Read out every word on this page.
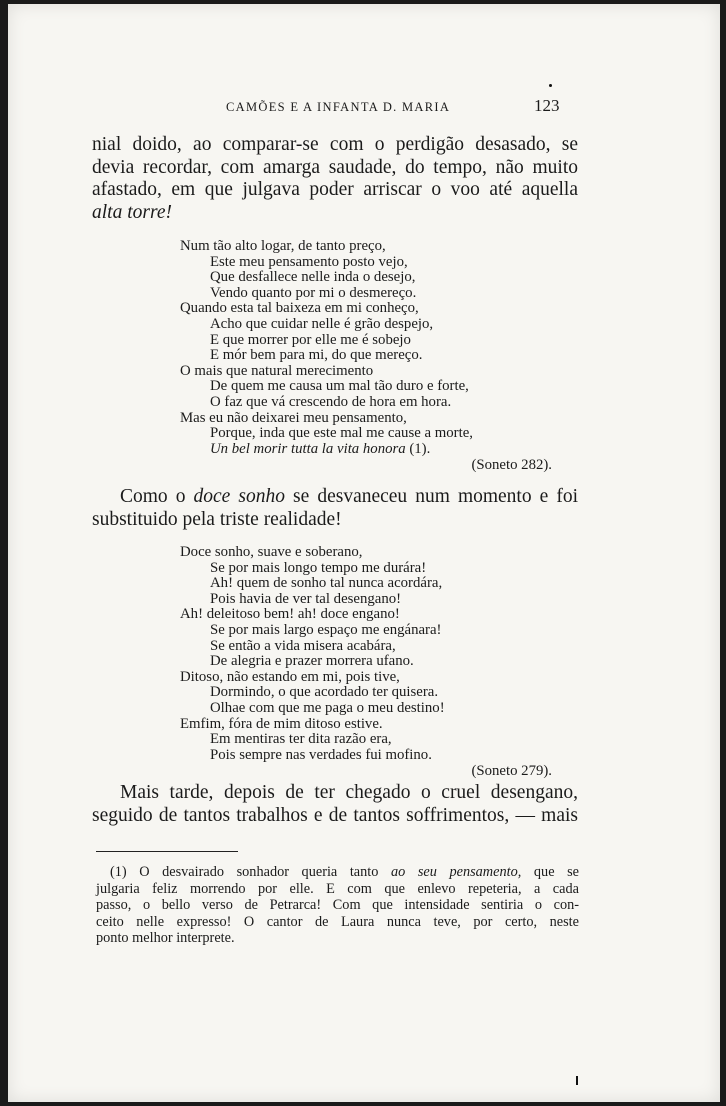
CAMÕES E A INFANTA D. MARIA	123
nial doido, ao comparar-se com o perdigão desasado, se
devia recordar, com amarga saudade, do tempo, não muito
afastado, em que julgava poder arriscar o voo até aquella
alta torre!
Num tão alto logar, de tanto preço,
Este meu pensamento posto vejo,
Que desfallece nelle inda o desejo,
Vendo quanto por mi o desmereço.
Quando esta tal baixeza em mi conheço,
Acho que cuidar nelle é grão despejo,
E que morrer por elle me é sobejo
E mór bem para mi, do que mereço.
O mais que natural merecimento
De quem me causa um mal tão duro e forte,
O faz que vá crescendo de hora em hora.
Mas eu não deixarei meu pensamento,
Porque, inda que este mal me cause a morte,
Un bel morir tutta la vita honora (1).
(Soneto 282).
Como o doce sonho se desvaneceu num momento e foi
substituido pela triste realidade!
Doce sonho, suave e soberano,
Se por mais longo tempo me durára!
Ah! quem de sonho tal nunca acordára,
Pois havia de ver tal desengano!
Ah! deleitoso bem! ah! doce engano!
Se por mais largo espaço me engánara!
Se então a vida misera acabára,
De alegria e prazer morrera ufano.
Ditoso, não estando em mi, pois tive,
Dormindo, o que acordado ter quisera.
Olhae com que me paga o meu destino!
Emfim, fóra de mim ditoso estive.
Em mentiras ter dita razão era,
Pois sempre nas verdades fui mofino.
(Soneto 279).
Mais tarde, depois de ter chegado o cruel desengano,
seguido de tantos trabalhos e de tantos soffrimentos, — mais
(1) O desvairado sonhador queria tanto ao seu pensamento, que se
julgaria feliz morrendo por elle. E com que enlevo repeteria, a cada
passo, o bello verso de Petrarca! Com que intensidade sentiria o con-
ceito nelle expresso! O cantor de Laura nunca teve, por certo, neste
ponto melhor interprete.
